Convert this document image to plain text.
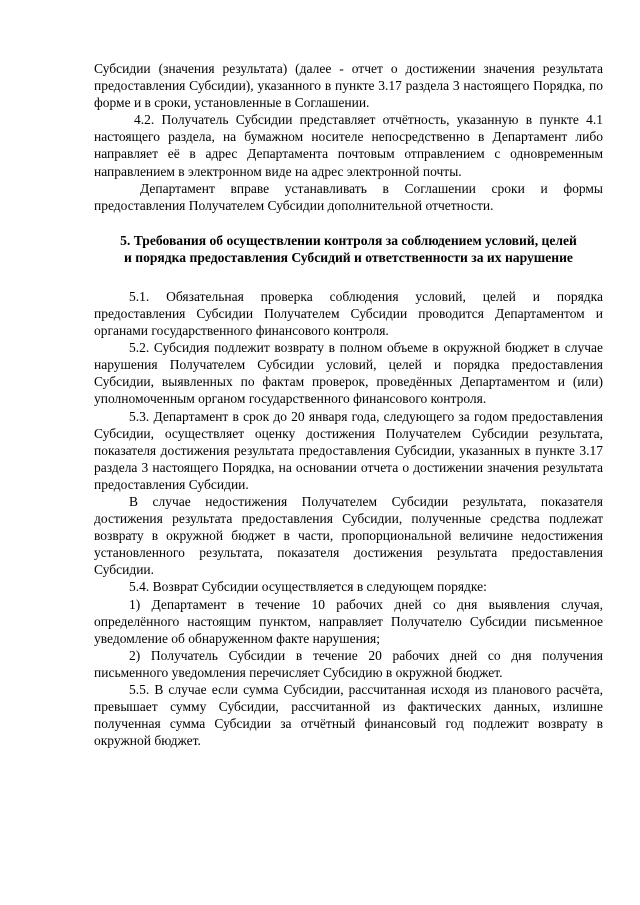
Субсидии (значения результата) (далее - отчет о достижении значения результата предоставления Субсидии), указанного в пункте 3.17 раздела 3 настоящего Порядка, по форме и в сроки, установленные в Соглашении.

4.2. Получатель Субсидии представляет отчётность, указанную в пункте 4.1 настоящего раздела, на бумажном носителе непосредственно в Департамент либо направляет её в адрес Департамента почтовым отправлением с одновременным направлением в электронном виде на адрес электронной почты.

Департамент вправе устанавливать в Соглашении сроки и формы предоставления Получателем Субсидии дополнительной отчетности.

5. Требования об осуществлении контроля за соблюдением условий, целей

и порядка предоставления Субсидий и ответственности за их нарушение

5.1. Обязательная проверка соблюдения условий, целей и порядка предоставления Субсидии Получателем Субсидии проводится Департаментом и органами государственного финансового контроля.

5.2. Субсидия подлежит возврату в полном объеме в окружной бюджет в случае нарушения Получателем Субсидии условий, целей и порядка предоставления Субсидии, выявленных по фактам проверок, проведённых Департаментом и (или) уполномоченным органом государственного финансового контроля.

5.3. Департамент в срок до 20 января года, следующего за годом предоставления Субсидии, осуществляет оценку достижения Получателем Субсидии результата, показателя достижения результата предоставления Субсидии, указанных в пункте 3.17 раздела 3 настоящего Порядка, на основании отчета о достижении значения результата предоставления Субсидии.

В случае недостижения Получателем Субсидии результата, показателя достижения результата предоставления Субсидии, полученные средства подлежат возврату в окружной бюджет в части, пропорциональной величине недостижения установленного результата, показателя достижения результата предоставления Субсидии.

5.4. Возврат Субсидии осуществляется в следующем порядке:

1) Департамент в течение 10 рабочих дней со дня выявления случая, определённого настоящим пунктом, направляет Получателю Субсидии письменное уведомление об обнаруженном факте нарушения;

2) Получатель Субсидии в течение 20 рабочих дней со дня получения письменного уведомления перечисляет Субсидию в окружной бюджет.

5.5. В случае если сумма Субсидии, рассчитанная исходя из планового расчёта, превышает сумму Субсидии, рассчитанной из фактических данных, излишне полученная сумма Субсидии за отчётный финансовый год подлежит возврату в окружной бюджет.
